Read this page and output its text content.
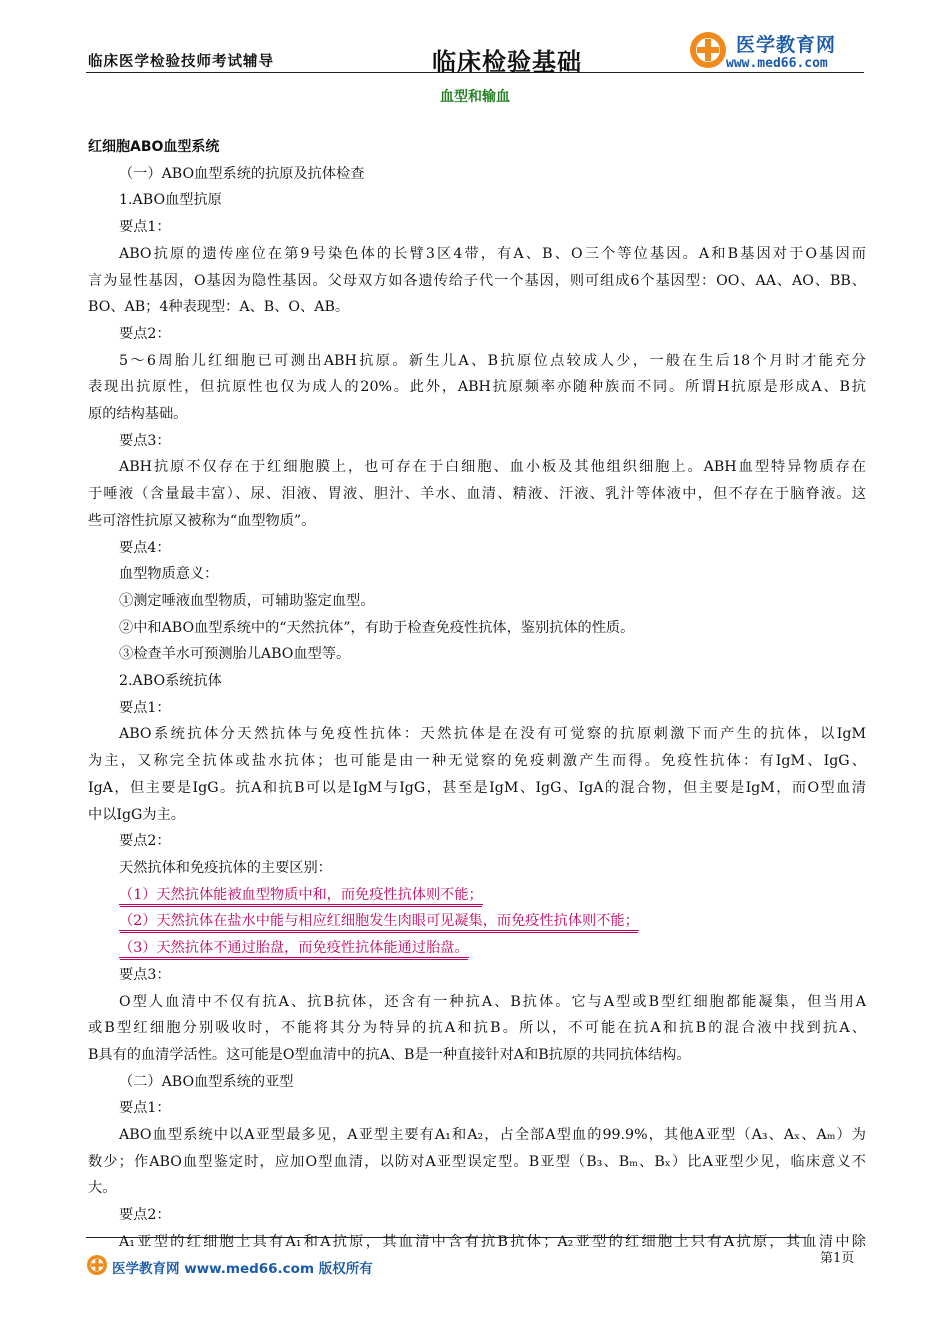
临床医学检验技师考试辅导	临床检验基础
医学教育网
www.med66.com
血型和输血

红细胞ABO血型系统

（一）ABO血型系统的抗原及抗体检查

1.ABO血型抗原

要点1：

ABO抗原的遗传座位在第9号染色体的长臂3区4带，有A、B、O三个等位基因。A和B基因对于O基因而

言为显性基因，O基因为隐性基因。父母双方如各遗传给子代一个基因，则可组成6个基因型：OO、AA、AO、BB、

BO、AB；4种表现型：A、B、O、AB。

要点2：

5～6周胎儿红细胞已可测出ABH抗原。新生儿A、B抗原位点较成人少，一般在生后18个月时才能充分

表现出抗原性，但抗原性也仅为成人的20%。此外，ABH抗原频率亦随种族而不同。所谓H抗原是形成A、B抗

原的结构基础。

要点3：

ABH抗原不仅存在于红细胞膜上，也可存在于白细胞、血小板及其他组织细胞上。ABH血型特异物质存在

于唾液（含量最丰富）、尿、泪液、胃液、胆汁、羊水、血清、精液、汗液、乳汁等体液中，但不存在于脑脊液。这

些可溶性抗原又被称为“血型物质”。

要点4：

血型物质意义：

①测定唾液血型物质，可辅助鉴定血型。

②中和ABO血型系统中的“天然抗体”，有助于检查免疫性抗体，鉴别抗体的性质。

③检查羊水可预测胎儿ABO血型等。

2.ABO系统抗体

要点1：

ABO系统抗体分天然抗体与免疫性抗体：天然抗体是在没有可觉察的抗原刺激下而产生的抗体，以IgM

为主，又称完全抗体或盐水抗体；也可能是由一种无觉察的免疫刺激产生而得。免疫性抗体：有IgM、IgG、

IgA，但主要是IgG。抗A和抗B可以是IgM与IgG，甚至是IgM、IgG、IgA的混合物，但主要是IgM，而O型血清

中以IgG为主。

要点2：

天然抗体和免疫抗体的主要区别：

（1）天然抗体能被血型物质中和，而免疫性抗体则不能；

（2）天然抗体在盐水中能与相应红细胞发生肉眼可见凝集，而免疫性抗体则不能；

（3）天然抗体不通过胎盘，而免疫性抗体能通过胎盘。

要点3：

O型人血清中不仅有抗A、抗B抗体，还含有一种抗A、B抗体。它与A型或B型红细胞都能凝集，但当用A

或B型红细胞分别吸收时，不能将其分为特异的抗A和抗B。所以，不可能在抗A和抗B的混合液中找到抗A、

B具有的血清学活性。这可能是O型血清中的抗A、B是一种直接针对A和B抗原的共同抗体结构。

（二）ABO血型系统的亚型

要点1：

ABO血型系统中以A亚型最多见，A亚型主要有A₁和A₂，占全部A型血的99.9%，其他A亚型（A₃、Aₓ、Aₘ）为

数少；作ABO血型鉴定时，应加O型血清，以防对A亚型误定型。B亚型（B₃、Bₘ、Bₓ）比A亚型少见，临床意义不

大。

要点2：

A₁亚型的红细胞上具有A₁和A抗原，其血清中含有抗B抗体；A₂亚型的红细胞上只有A抗原，其血清中除

医学教育网 www.med66.com 版权所有
第1页
